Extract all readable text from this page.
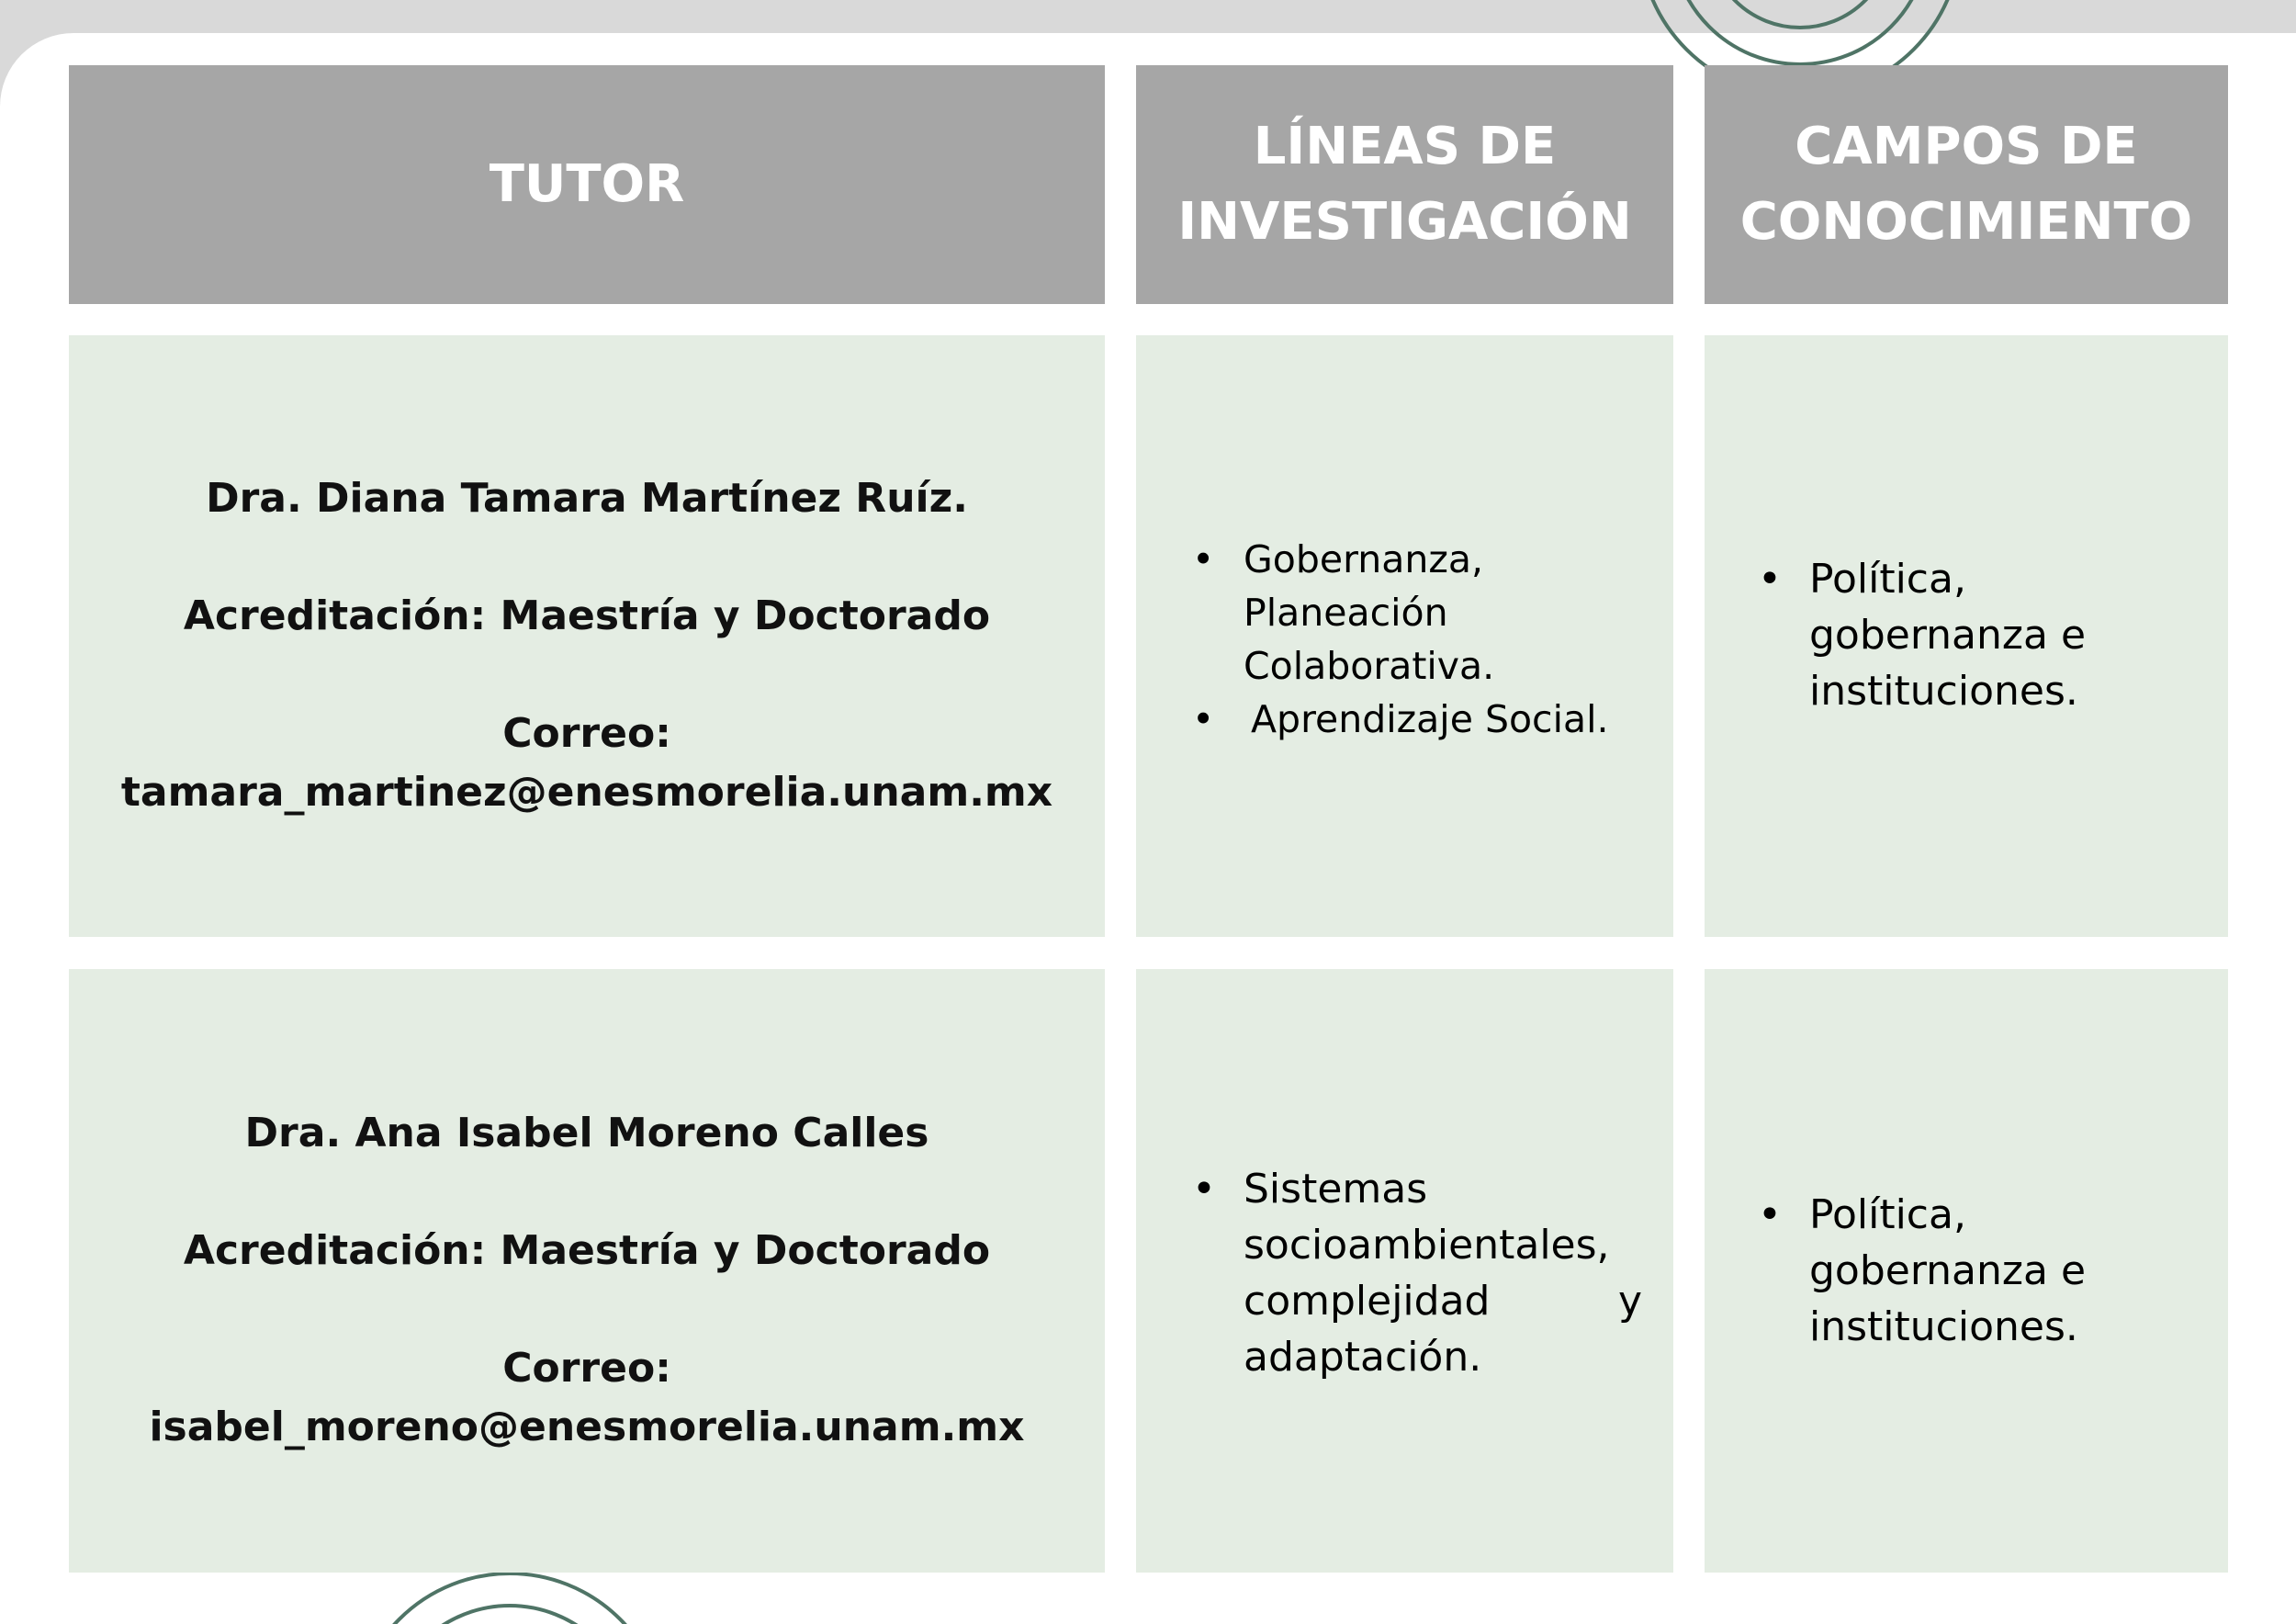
TUTOR
LÍNEAS DE
INVESTIGACIÓN
CAMPOS DE
CONOCIMIENTO
Dra. Diana Tamara Martínez Ruíz.
Acreditación: Maestría y Doctorado
Correo:
tamara_martinez@enesmorelia.unam.mx
• Gobernanza, Planeación Colaborativa.
• Aprendizaje Social.
• Política, gobernanza e instituciones.
Dra. Ana Isabel Moreno Calles
Acreditación: Maestría y Doctorado
Correo:
isabel_moreno@enesmorelia.unam.mx
• Sistemas socioambientales, complejidad y adaptación.
• Política, gobernanza e instituciones.
